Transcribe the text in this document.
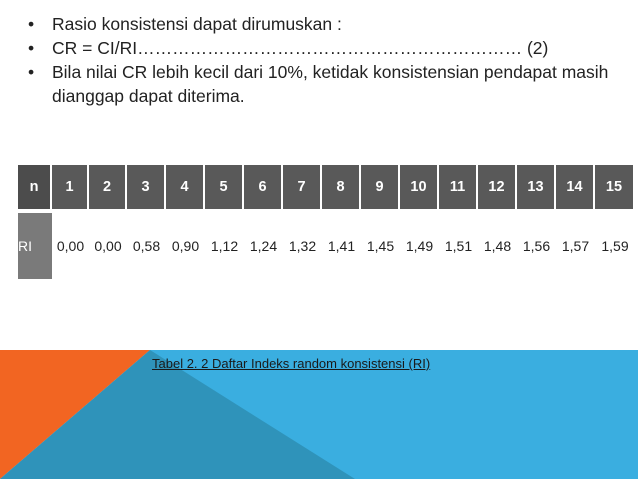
• Rasio konsistensi dapat dirumuskan :
• CR = CI/RI………………………………………………………… (2)
• Bila nilai CR lebih kecil dari 10%, ketidak konsistensian pendapat masih dianggap dapat diterima.
n	1	2	3	4	5	6	7	8	9	10	11	12	13	14	15

RI	0,00	0,00	0,58	0,90	1,12	1,24	1,32	1,41	1,45	1,49	1,51	1,48	1,56	1,57	1,59
Tabel 2. 2 Daftar Indeks random konsistensi (RI)
